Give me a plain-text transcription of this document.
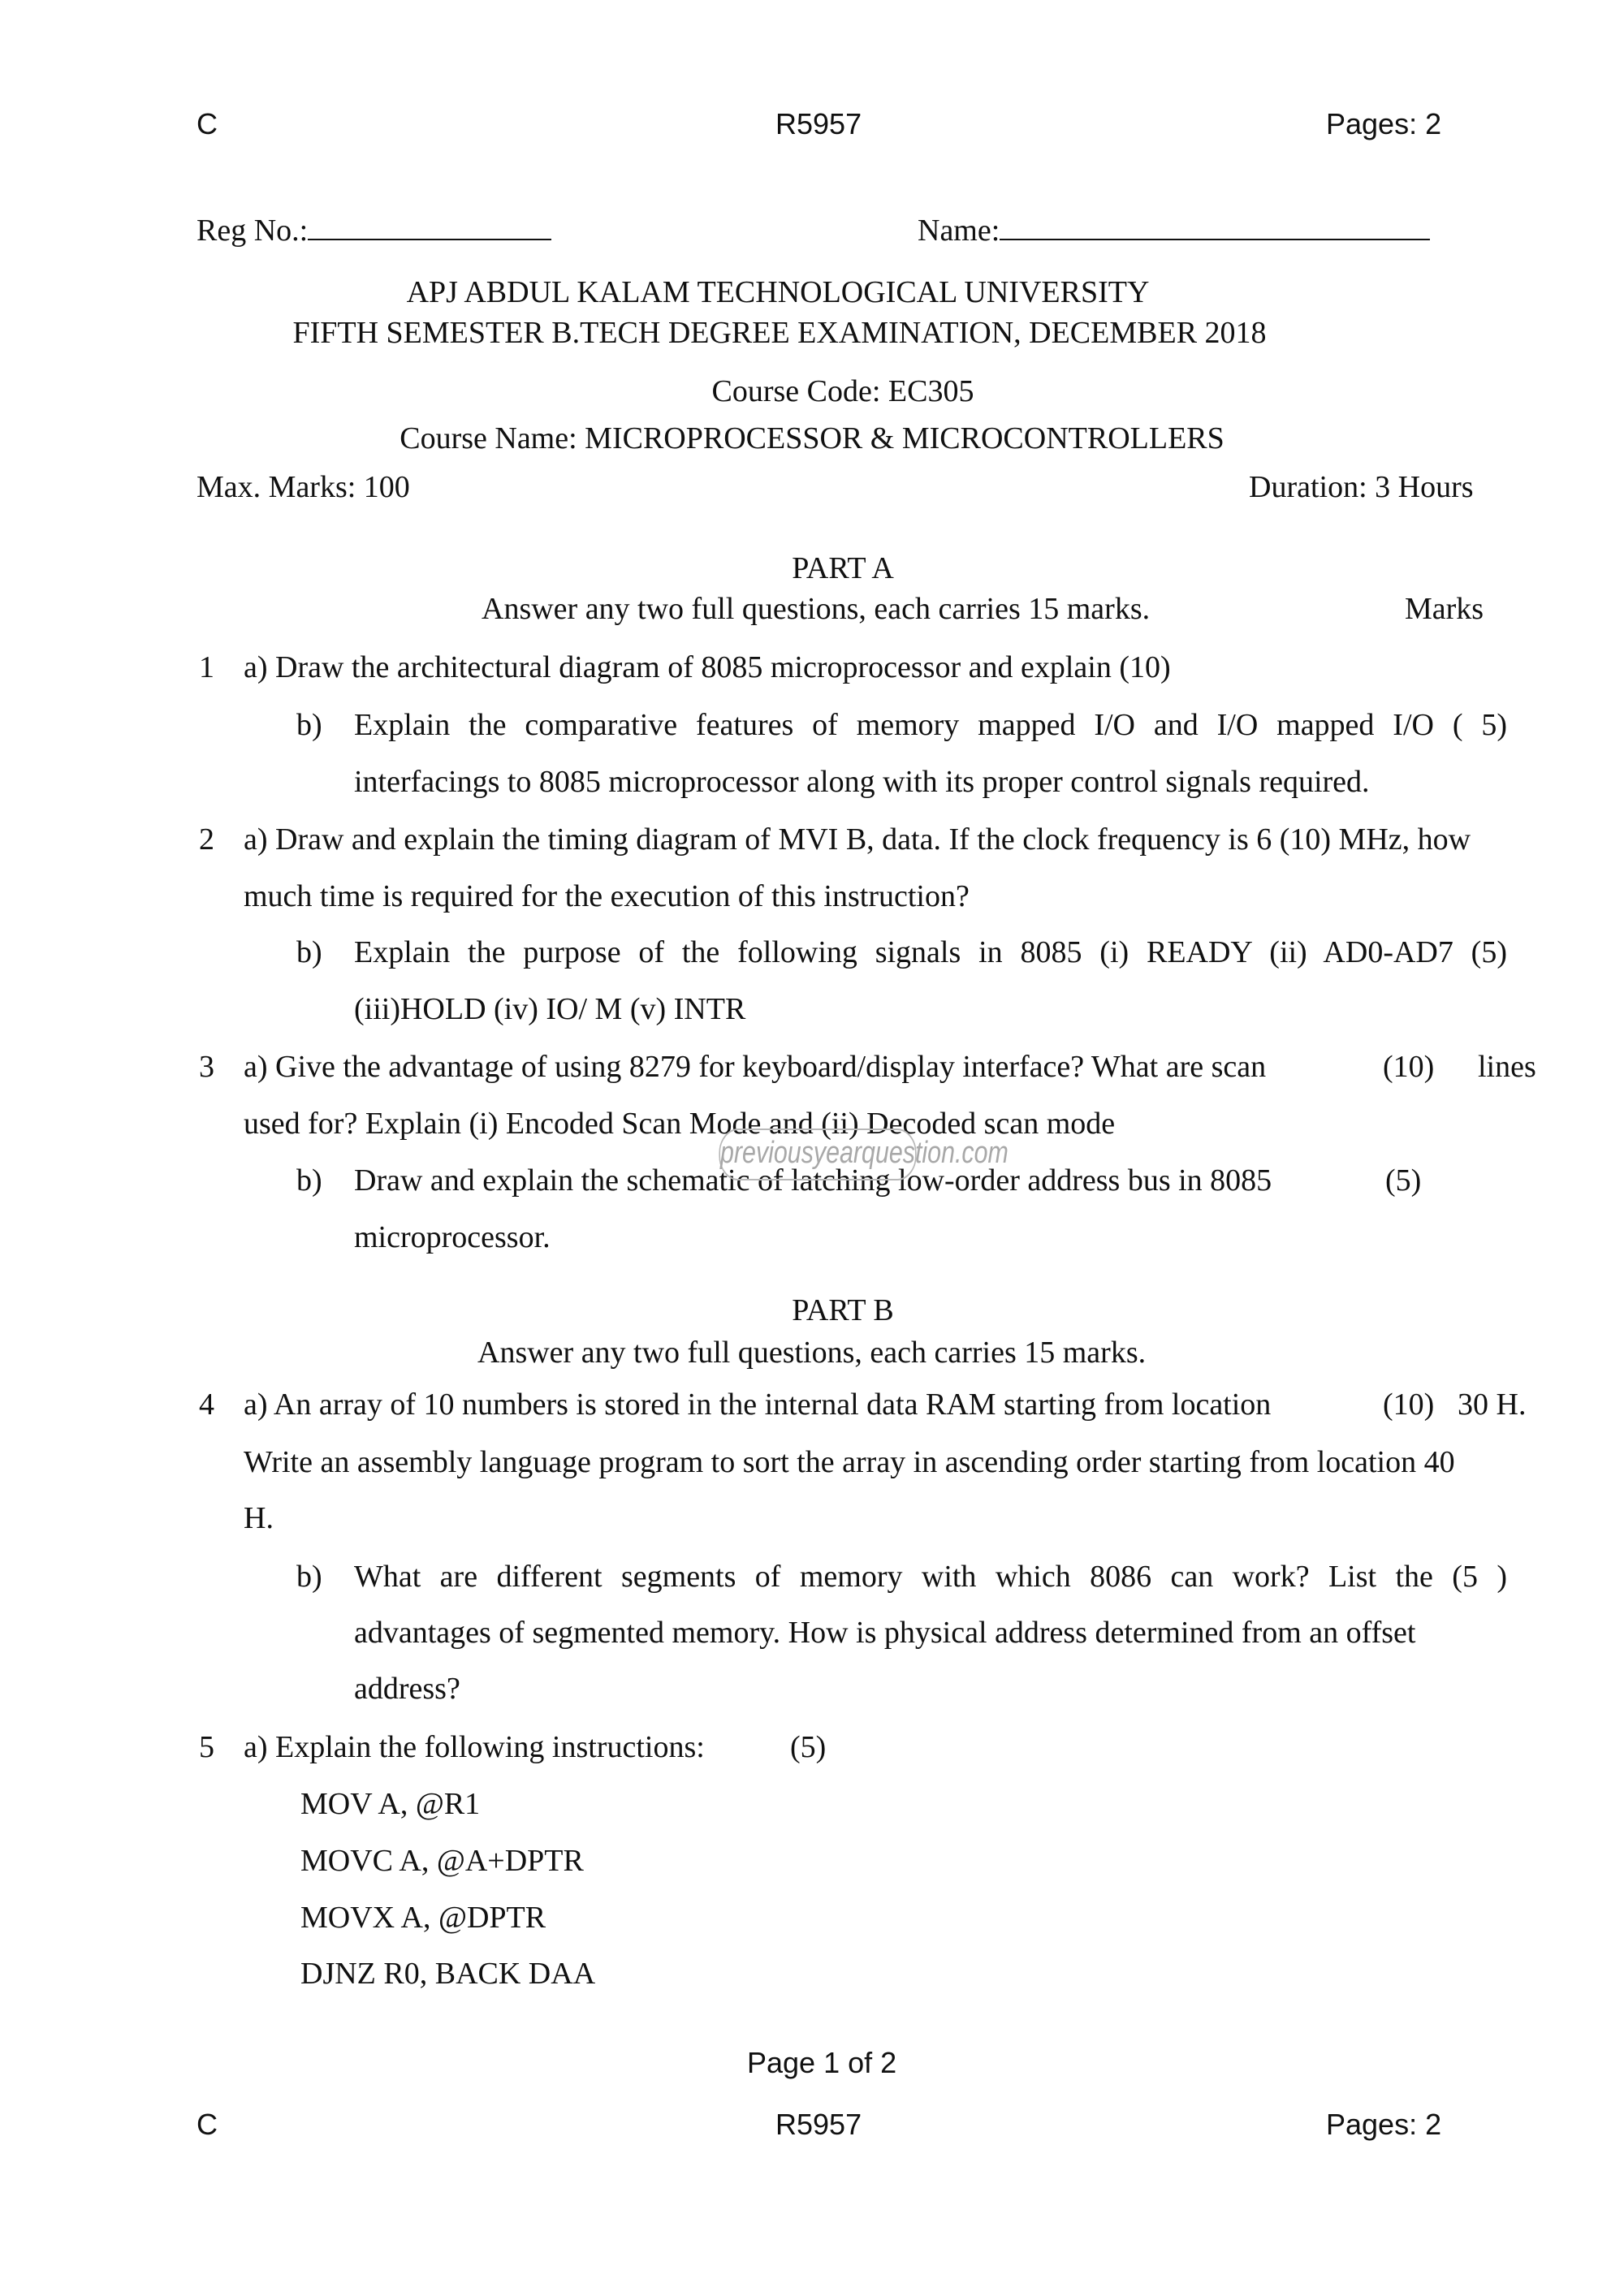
C	R5957	Pages: 2
Reg No.:	Name:
APJ ABDUL KALAM TECHNOLOGICAL UNIVERSITY
FIFTH SEMESTER B.TECH DEGREE EXAMINATION, DECEMBER 2018
Course Code: EC305
Course Name: MICROPROCESSOR & MICROCONTROLLERS
Max. Marks: 100	Duration: 3 Hours
PART A
Answer any two full questions, each carries 15 marks.	Marks
1 a) Draw the architectural diagram of 8085 microprocessor and explain (10)
b) Explain the comparative features of memory mapped I/O and I/O mapped I/O ( 5)
interfacings to 8085 microprocessor along with its proper control signals required.
2 a) Draw and explain the timing diagram of MVI B, data. If the clock frequency is 6 (10) MHz, how
much time is required for the execution of this instruction?
b) Explain the purpose of the following signals in 8085 (i) READY (ii) AD0-AD7 (5)
(iii)HOLD (iv) IO/ M (v) INTR
3 a) Give the advantage of using 8279 for keyboard/display interface? What are scan	(10) lines
used for? Explain (i) Encoded Scan Mode and (ii) Decoded scan mode
b) Draw and explain the schematic of latching low-order address bus in 8085	(5)
microprocessor.
previousyearquestion.com
PART B
Answer any two full questions, each carries 15 marks.
4 a) An array of 10 numbers is stored in the internal data RAM starting from location	(10) 30 H.
Write an assembly language program to sort the array in ascending order starting from location 40
H.
b) What are different segments of memory with which 8086 can work? List the (5 )
advantages of segmented memory. How is physical address determined from an offset
address?
5 a) Explain the following instructions:	(5)
MOV A, @R1
MOVC A, @A+DPTR
MOVX A, @DPTR
DJNZ R0, BACK DAA
Page 1 of 2
C	R5957	Pages: 2
